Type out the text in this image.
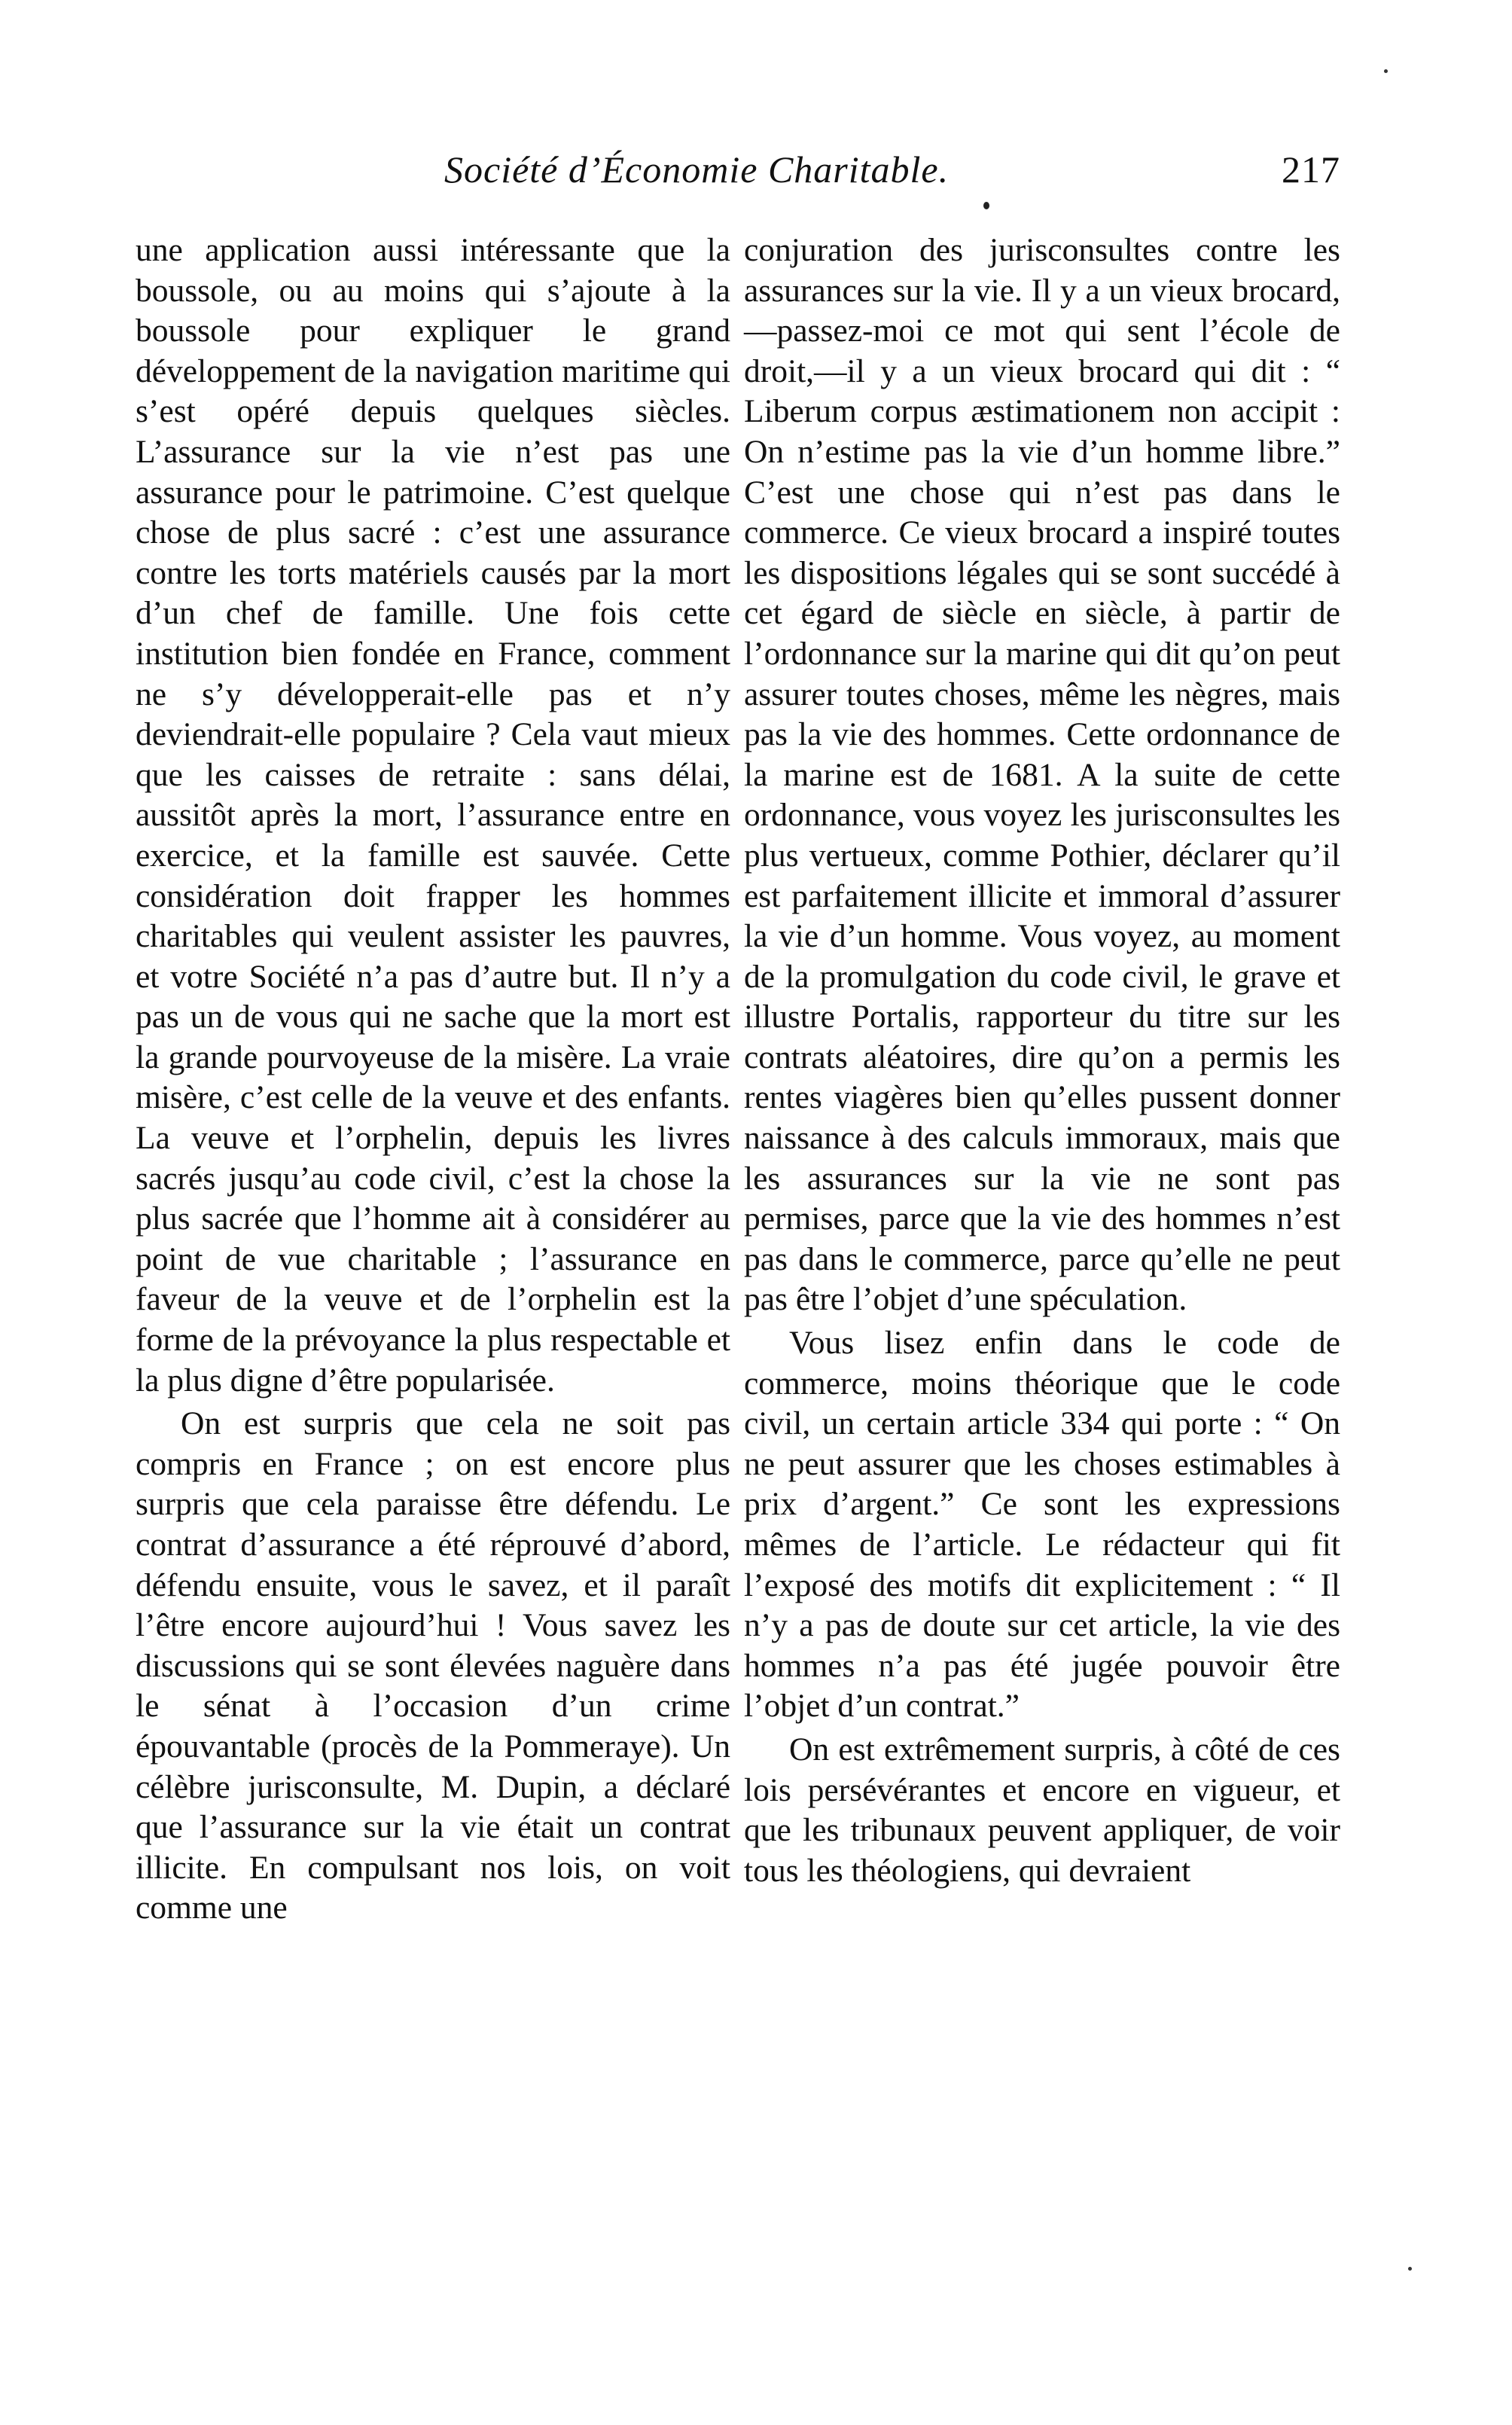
Société d’Économie Charitable.	217

une application aussi intéressante que la boussole, ou au moins qui s’ajoute à la boussole pour expliquer le grand développement de la navigation maritime qui s’est opéré depuis quelques siècles. L’assurance sur la vie n’est pas une assurance pour le patrimoine. C’est quelque chose de plus sacré : c’est une assurance contre les torts matériels causés par la mort d’un chef de famille. Une fois cette institution bien fondée en France, comment ne s’y développerait-elle pas et n’y deviendrait-elle populaire ? Cela vaut mieux que les caisses de retraite : sans délai, aussitôt après la mort, l’assurance entre en exercice, et la famille est sauvée. Cette considération doit frapper les hommes charitables qui veulent assister les pauvres, et votre Société n’a pas d’autre but. Il n’y a pas un de vous qui ne sache que la mort est la grande pourvoyeuse de la misère. La vraie misère, c’est celle de la veuve et des enfants. La veuve et l’orphelin, depuis les livres sacrés jusqu’au code civil, c’est la chose la plus sacrée que l’homme ait à considérer au point de vue charitable ; l’assurance en faveur de la veuve et de l’orphelin est la forme de la prévoyance la plus respectable et la plus digne d’être popularisée.

On est surpris que cela ne soit pas compris en France ; on est encore plus surpris que cela paraisse être défendu. Le contrat d’assurance a été réprouvé d’abord, défendu ensuite, vous le savez, et il paraît l’être encore aujourd’hui ! Vous savez les discussions qui se sont élevées naguère dans le sénat à l’occasion d’un crime épouvantable (procès de la Pommeraye). Un célèbre jurisconsulte, M. Dupin, a déclaré que l’assurance sur la vie était un contrat illicite. En compulsant nos lois, on voit comme une

conjuration des jurisconsultes contre les assurances sur la vie. Il y a un vieux brocard,—passez-moi ce mot qui sent l’école de droit,—il y a un vieux brocard qui dit : “ Liberum corpus æstimationem non accipit : On n’estime pas la vie d’un homme libre.” C’est une chose qui n’est pas dans le commerce. Ce vieux brocard a inspiré toutes les dispositions légales qui se sont succédé à cet égard de siècle en siècle, à partir de l’ordonnance sur la marine qui dit qu’on peut assurer toutes choses, même les nègres, mais pas la vie des hommes. Cette ordonnance de la marine est de 1681. A la suite de cette ordonnance, vous voyez les jurisconsultes les plus vertueux, comme Pothier, déclarer qu’il est parfaitement illicite et immoral d’assurer la vie d’un homme. Vous voyez, au moment de la promulgation du code civil, le grave et illustre Portalis, rapporteur du titre sur les contrats aléatoires, dire qu’on a permis les rentes viagères bien qu’elles pussent donner naissance à des calculs immoraux, mais que les assurances sur la vie ne sont pas permises, parce que la vie des hommes n’est pas dans le commerce, parce qu’elle ne peut pas être l’objet d’une spéculation.

Vous lisez enfin dans le code de commerce, moins théorique que le code civil, un certain article 334 qui porte : “ On ne peut assurer que les choses estimables à prix d’argent.” Ce sont les expressions mêmes de l’article. Le rédacteur qui fit l’exposé des motifs dit explicitement : “ Il n’y a pas de doute sur cet article, la vie des hommes n’a pas été jugée pouvoir être l’objet d’un contrat.”

On est extrêmement surpris, à côté de ces lois persévérantes et encore en vigueur, et que les tribunaux peuvent appliquer, de voir tous les théologiens, qui devraient
